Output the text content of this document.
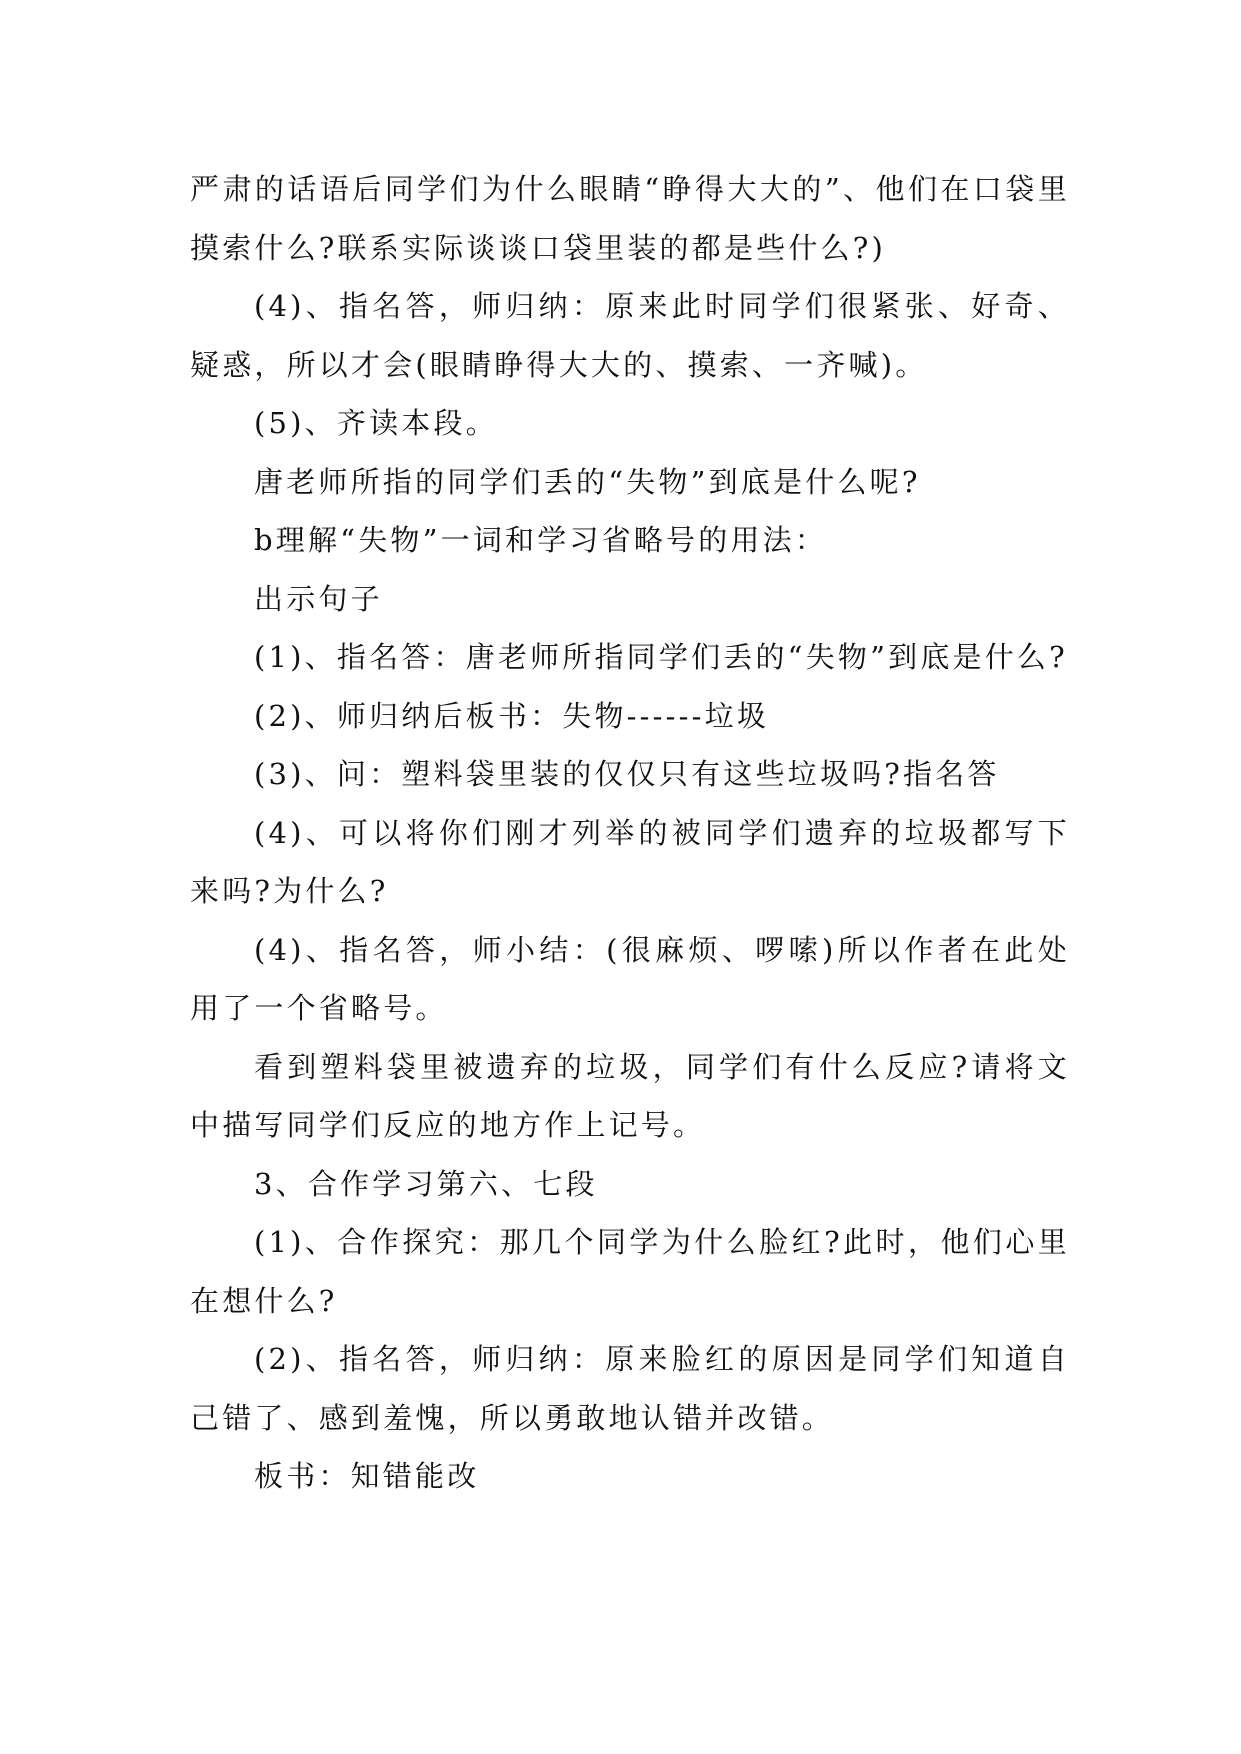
严肃的话语后同学们为什么眼睛“睁得大大的”、他们在口袋里摸索什么?联系实际谈谈口袋里装的都是些什么?)

(4)、指名答，师归纳：原来此时同学们很紧张、好奇、疑惑，所以才会(眼睛睁得大大的、摸索、一齐喊)。

(5)、齐读本段。

唐老师所指的同学们丢的“失物”到底是什么呢?

b理解“失物”一词和学习省略号的用法：

出示句子

(1)、指名答：唐老师所指同学们丢的“失物”到底是什么?

(2)、师归纳后板书：失物------垃圾

(3)、问：塑料袋里装的仅仅只有这些垃圾吗?指名答

(4)、可以将你们刚才列举的被同学们遗弃的垃圾都写下来吗?为什么?

(4)、指名答，师小结：(很麻烦、啰嗦)所以作者在此处用了一个省略号。

看到塑料袋里被遗弃的垃圾，同学们有什么反应?请将文中描写同学们反应的地方作上记号。

3、合作学习第六、七段

(1)、合作探究：那几个同学为什么脸红?此时，他们心里在想什么?

(2)、指名答，师归纳：原来脸红的原因是同学们知道自己错了、感到羞愧，所以勇敢地认错并改错。

板书：知错能改
